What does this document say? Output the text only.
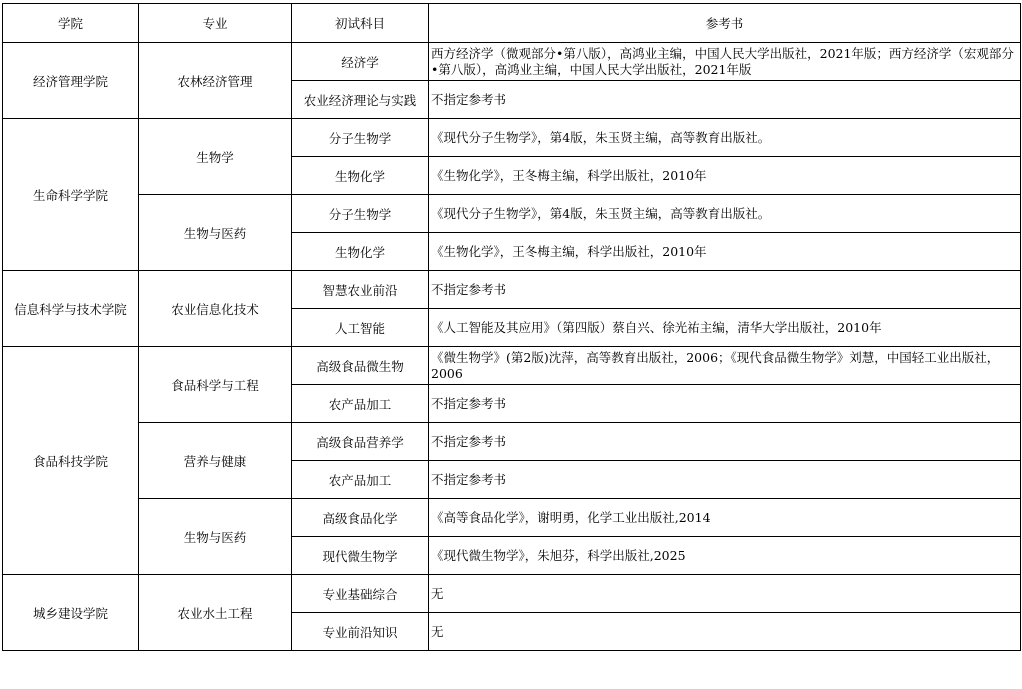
学院	专业	初试科目	参考书
经济管理学院	农林经济管理	经济学	西方经济学（微观部分•第八版），高鸿业主编，中国人民大学出版社，2021年版；西方经济学（宏观部分•第八版），高鸿业主编，中国人民大学出版社，2021年版
		农业经济理论与实践	不指定参考书
生命科学学院	生物学	分子生物学	《现代分子生物学》，第4版，朱玉贤主编，高等教育出版社。
		生物化学	《生物化学》，王冬梅主编，科学出版社，2010年
	生物与医药	分子生物学	《现代分子生物学》，第4版，朱玉贤主编，高等教育出版社。
		生物化学	《生物化学》，王冬梅主编，科学出版社，2010年
信息科学与技术学院	农业信息化技术	智慧农业前沿	不指定参考书
		人工智能	《人工智能及其应用》（第四版）蔡自兴、徐光祐主编，清华大学出版社，2010年
食品科技学院	食品科学与工程	高级食品微生物	《微生物学》(第2版)沈萍，高等教育出版社，2006；《现代食品微生物学》刘慧，中国轻工业出版社，2006
		农产品加工	不指定参考书
	营养与健康	高级食品营养学	不指定参考书
		农产品加工	不指定参考书
	生物与医药	高级食品化学	《高等食品化学》，谢明勇，化学工业出版社,2014
		现代微生物学	《现代微生物学》，朱旭芬，科学出版社,2025
城乡建设学院	农业水土工程	专业基础综合	无
		专业前沿知识	无
